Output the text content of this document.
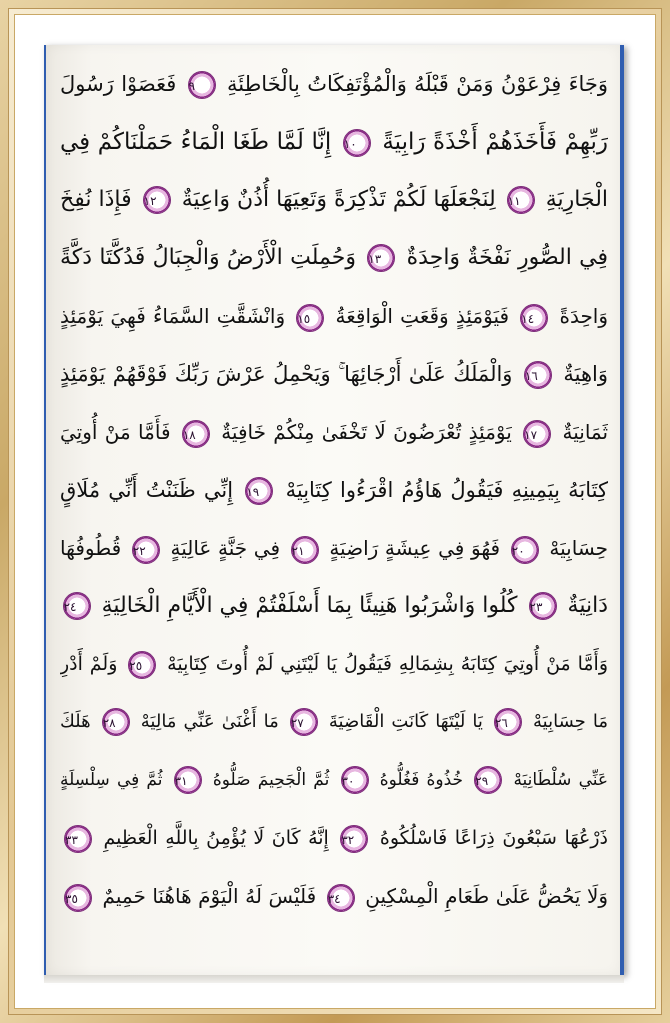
وَجَاءَ فِرْعَوْنُ وَمَنْ قَبْلَهُ وَالْمُؤْتَفِكَاتُ بِالْخَاطِئَةِ ٩ فَعَصَوْا رَسُولَ
رَبِّهِمْ فَأَخَذَهُمْ أَخْذَةً رَابِيَةً ١٠ إِنَّا لَمَّا طَغَا الْمَاءُ حَمَلْنَاكُمْ فِي
الْجَارِيَةِ ١١ لِنَجْعَلَهَا لَكُمْ تَذْكِرَةً وَتَعِيَهَا أُذُنٌ وَاعِيَةٌ ١٢ فَإِذَا نُفِخَ
فِي الصُّورِ نَفْخَةٌ وَاحِدَةٌ ١٣ وَحُمِلَتِ الْأَرْضُ وَالْجِبَالُ فَدُكَّتَا دَكَّةً
وَاحِدَةً ١٤ فَيَوْمَئِذٍ وَقَعَتِ الْوَاقِعَةُ ١٥ وَانْشَقَّتِ السَّمَاءُ فَهِيَ يَوْمَئِذٍ
وَاهِيَةٌ ١٦ وَالْمَلَكُ عَلَىٰ أَرْجَائِهَا ۚ وَيَحْمِلُ عَرْشَ رَبِّكَ فَوْقَهُمْ يَوْمَئِذٍ
ثَمَانِيَةٌ ١٧ يَوْمَئِذٍ تُعْرَضُونَ لَا تَخْفَىٰ مِنْكُمْ خَافِيَةٌ ١٨ فَأَمَّا مَنْ أُوتِيَ
كِتَابَهُ بِيَمِينِهِ فَيَقُولُ هَاؤُمُ اقْرَءُوا كِتَابِيَهْ ١٩ إِنِّي ظَنَنْتُ أَنِّي مُلَاقٍ
حِسَابِيَهْ ٢٠ فَهُوَ فِي عِيشَةٍ رَاضِيَةٍ ٢١ فِي جَنَّةٍ عَالِيَةٍ ٢٢ قُطُوفُهَا
دَانِيَةٌ ٢٣ كُلُوا وَاشْرَبُوا هَنِيئًا بِمَا أَسْلَفْتُمْ فِي الْأَيَّامِ الْخَالِيَةِ ٢٤
وَأَمَّا مَنْ أُوتِيَ كِتَابَهُ بِشِمَالِهِ فَيَقُولُ يَا لَيْتَنِي لَمْ أُوتَ كِتَابِيَهْ ٢٥ وَلَمْ أَدْرِ
مَا حِسَابِيَهْ ٢٦ يَا لَيْتَهَا كَانَتِ الْقَاضِيَةَ ٢٧ مَا أَغْنَىٰ عَنِّي مَالِيَهْ ٢٨ هَلَكَ
عَنِّي سُلْطَانِيَهْ ٢٩ خُذُوهُ فَغُلُّوهُ ٣٠ ثُمَّ الْجَحِيمَ صَلُّوهُ ٣١ ثُمَّ فِي سِلْسِلَةٍ
ذَرْعُهَا سَبْعُونَ ذِرَاعًا فَاسْلُكُوهُ ٣٢ إِنَّهُ كَانَ لَا يُؤْمِنُ بِاللَّهِ الْعَظِيمِ ٣٣
وَلَا يَحُضُّ عَلَىٰ طَعَامِ الْمِسْكِينِ ٣٤ فَلَيْسَ لَهُ الْيَوْمَ هَاهُنَا حَمِيمٌ ٣٥
